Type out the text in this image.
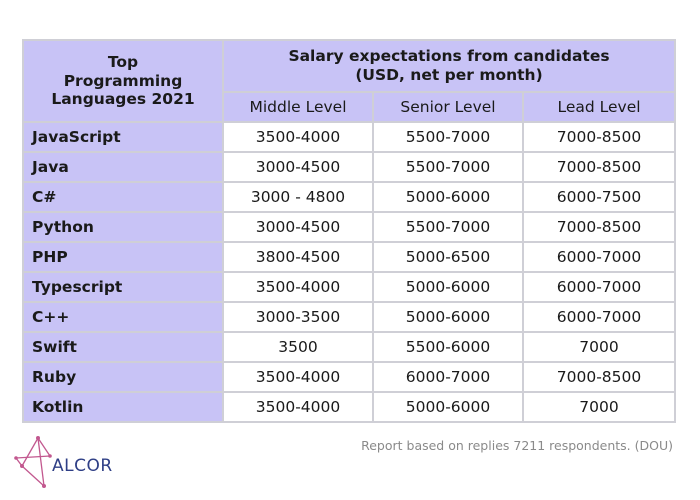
Top Programming Languages 2021	Salary expectations from candidates
(USD, net per month)		

	Middle Level	Senior Level	Lead Level
JavaScript	3500-4000	5500-7000	7000-8500
Java	3000-4500	5500-7000	7000-8500
C#	3000 - 4800	5000-6000	6000-7500
Python	3000-4500	5500-7000	7000-8500
PHP	3800-4500	5000-6500	6000-7000
Typescript	3500-4000	5000-6000	6000-7000
C++	3000-3500	5000-6000	6000-7000
Swift	3500	5500-6000	7000
Ruby	3500-4000	6000-7000	7000-8500
Kotlin	3500-4000	5000-6000	7000
ALCOR
Report based on replies 7211 respondents. (DOU)
